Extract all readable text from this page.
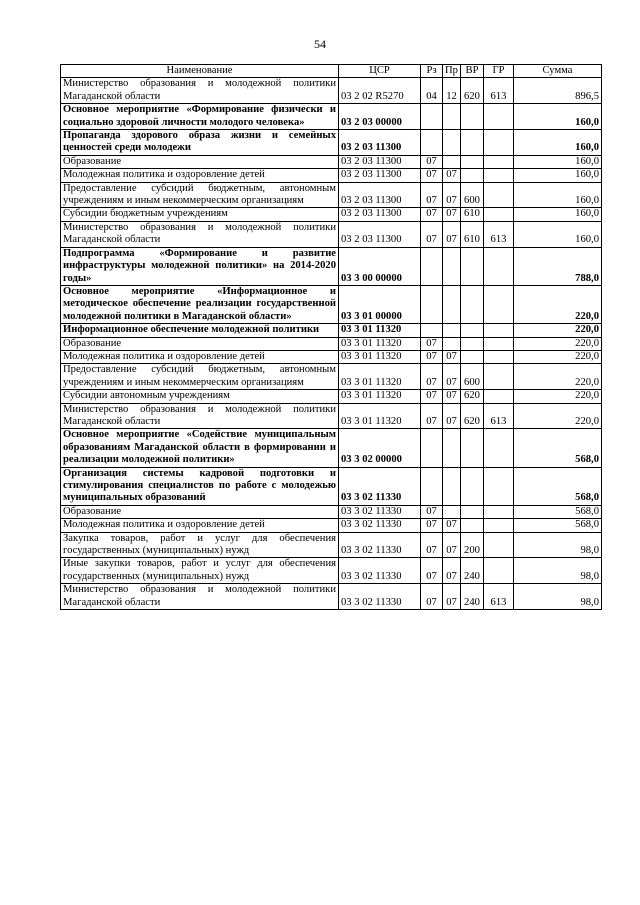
54
Наименование	ЦСР	Рз	Пр	ВР	ГР	Сумма
Министерство образования и молодежной политики Магаданской области	03 2 02 R5270	04	12	620	613	896,5
Основное мероприятие «Формирование физически и социально здоровой личности молодого человека»	03 2 03 00000					160,0
Пропаганда здорового образа жизни и семейных ценностей среди молодежи	03 2 03 11300					160,0
Образование	03 2 03 11300	07				160,0
Молодежная политика и оздоровление детей	03 2 03 11300	07	07			160,0
Предоставление субсидий бюджетным, автономным учреждениям и иным некоммерческим организациям	03 2 03 11300	07	07	600		160,0
Субсидии бюджетным учреждениям	03 2 03 11300	07	07	610		160,0
Министерство образования и молодежной политики Магаданской области	03 2 03 11300	07	07	610	613	160,0
Подпрограмма «Формирование и развитие инфраструктуры молодежной политики» на 2014-2020 годы»	03 3 00 00000					788,0
Основное мероприятие «Информационное и методическое обеспечение реализации государственной молодежной политики в Магаданской области»	03 3 01 00000					220,0
Информационное обеспечение молодежной политики	03 3 01 11320					220,0
Образование	03 3 01 11320	07				220,0
Молодежная политика и оздоровление детей	03 3 01 11320	07	07			220,0
Предоставление субсидий бюджетным, автономным учреждениям и иным некоммерческим организациям	03 3 01 11320	07	07	600		220,0
Субсидии автономным учреждениям	03 3 01 11320	07	07	620		220,0
Министерство образования и молодежной политики Магаданской области	03 3 01 11320	07	07	620	613	220,0
Основное мероприятие «Содействие муниципальным образованиям Магаданской области в формировании и реализации молодежной политики»	03 3 02 00000					568,0
Организация системы кадровой подготовки и стимулирования специалистов по работе с молодежью муниципальных образований	03 3 02 11330					568,0
Образование	03 3 02 11330	07				568,0
Молодежная политика и оздоровление детей	03 3 02 11330	07	07			568,0
Закупка товаров, работ и услуг для обеспечения государственных (муниципальных) нужд	03 3 02 11330	07	07	200		98,0
Иные закупки товаров, работ и услуг для обеспечения государственных (муниципальных) нужд	03 3 02 11330	07	07	240		98,0
Министерство образования и молодежной политики Магаданской области	03 3 02 11330	07	07	240	613	98,0
